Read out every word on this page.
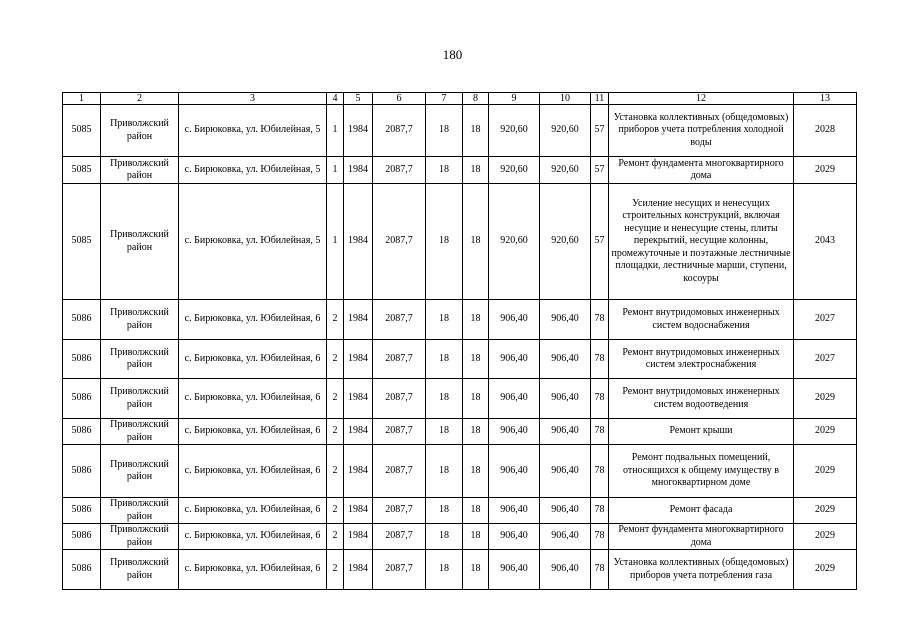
180
1	2	3	4	5	6	7	8	9	10	11	12	13
5085	Приволжский район	с. Бирюковка, ул. Юбилейная, 5	1	1984	2087,7	18	18	920,60	920,60	57	Установка коллективных (общедомовых) приборов учета потребления холодной воды	2028
5085	Приволжский район	с. Бирюковка, ул. Юбилейная, 5	1	1984	2087,7	18	18	920,60	920,60	57	Ремонт фундамента многоквартирного дома	2029
5085	Приволжский район	с. Бирюковка, ул. Юбилейная, 5	1	1984	2087,7	18	18	920,60	920,60	57	Усиление несущих и ненесущих строительных конструкций, включая несущие и ненесущие стены, плиты перекрытий, несущие колонны, промежуточные и поэтажные лестничные площадки, лестничные марши, ступени, косоуры	2043
5086	Приволжский район	с. Бирюковка, ул. Юбилейная, 6	2	1984	2087,7	18	18	906,40	906,40	78	Ремонт внутридомовых инженерных систем водоснабжения	2027
5086	Приволжский район	с. Бирюковка, ул. Юбилейная, 6	2	1984	2087,7	18	18	906,40	906,40	78	Ремонт внутридомовых инженерных систем электроснабжения	2027
5086	Приволжский район	с. Бирюковка, ул. Юбилейная, 6	2	1984	2087,7	18	18	906,40	906,40	78	Ремонт внутридомовых инженерных систем водоотведения	2029
5086	Приволжский район	с. Бирюковка, ул. Юбилейная, 6	2	1984	2087,7	18	18	906,40	906,40	78	Ремонт крыши	2029
5086	Приволжский район	с. Бирюковка, ул. Юбилейная, 6	2	1984	2087,7	18	18	906,40	906,40	78	Ремонт подвальных помещений, относящихся к общему имуществу в многоквартирном доме	2029
5086	Приволжский район	с. Бирюковка, ул. Юбилейная, 6	2	1984	2087,7	18	18	906,40	906,40	78	Ремонт фасада	2029
5086	Приволжский район	с. Бирюковка, ул. Юбилейная, 6	2	1984	2087,7	18	18	906,40	906,40	78	Ремонт фундамента многоквартирного дома	2029
5086	Приволжский район	с. Бирюковка, ул. Юбилейная, 6	2	1984	2087,7	18	18	906,40	906,40	78	Установка коллективных (общедомовых) приборов учета потребления газа	2029
